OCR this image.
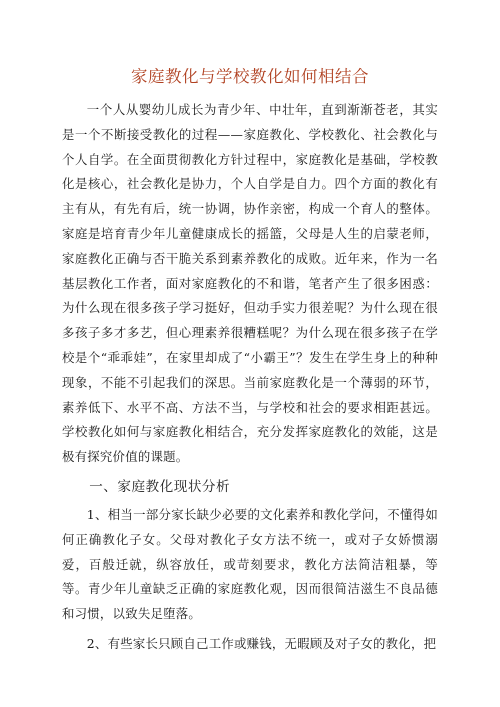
家庭教化与学校教化如何相结合

一个人从婴幼儿成长为青少年、中壮年，直到渐渐苍老，其实是一个不断接受教化的过程——家庭教化、学校教化、社会教化与个人自学。在全面贯彻教化方针过程中，家庭教化是基础，学校教化是核心，社会教化是协力，个人自学是自力。四个方面的教化有主有从，有先有后，统一协调，协作亲密，构成一个育人的整体。家庭是培育青少年儿童健康成长的摇篮，父母是人生的启蒙老师，家庭教化正确与否干脆关系到素养教化的成败。近年来，作为一名基层教化工作者，面对家庭教化的不和谐，笔者产生了很多困惑：为什么现在很多孩子学习挺好，但动手实力很差呢？为什么现在很多孩子多才多艺，但心理素养很糟糕呢？为什么现在很多孩子在学校是个“乖乖娃”，在家里却成了“小霸王”？发生在学生身上的种种现象，不能不引起我们的深思。当前家庭教化是一个薄弱的环节，素养低下、水平不高、方法不当，与学校和社会的要求相距甚远。学校教化如何与家庭教化相结合，充分发挥家庭教化的效能，这是极有探究价值的课题。

一、家庭教化现状分析

1、相当一部分家长缺少必要的文化素养和教化学问，不懂得如何正确教化子女。父母对教化子女方法不统一，或对子女娇惯溺爱，百般迁就，纵容放任，或苛刻要求，教化方法简洁粗暴，等等。青少年儿童缺乏正确的家庭教化观，因而很简洁滋生不良品德和习惯，以致失足堕落。

2、有些家长只顾自己工作或赚钱，无暇顾及对子女的教化，把
